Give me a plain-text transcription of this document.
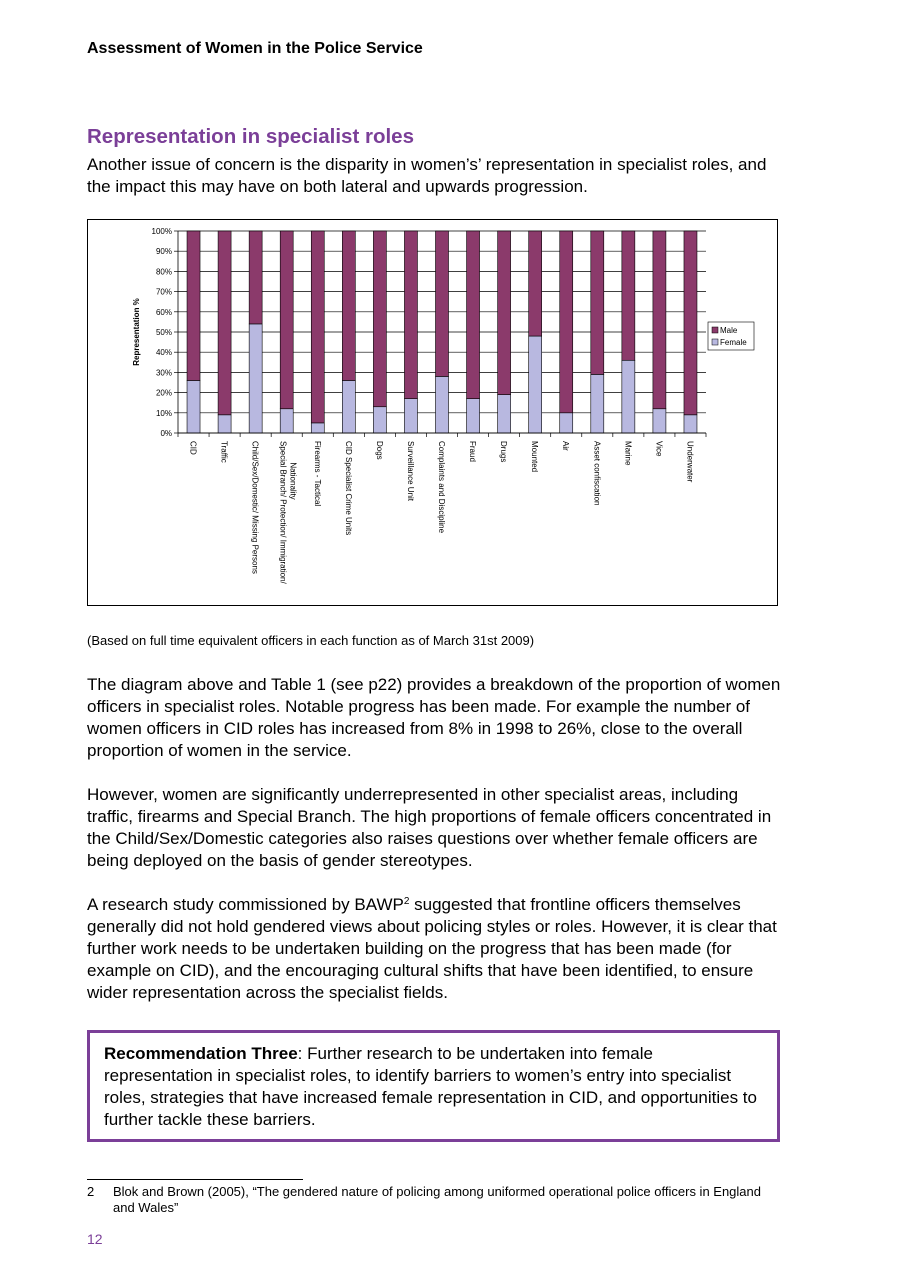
Assessment of Women in the Police Service
Representation in specialist roles
Another issue of concern is the disparity in women’s’ representation in specialist roles, and the impact this may have on both lateral and upwards progression.
0%
10%
20%
30%
40%
50%
60%
70%
80%
90%
100%
Representation %
CID	Traffic	Child/Sex/Domestic/ Missing Persons Special Branch/ Protection/ Immigration/ Nationality Firearms - Tactical	CID Specialist Crime Units	Dogs	Surveillance Unit	Complaints and Discipline	Fraud	Drugs	Mounted	Air	Asset confiscation	Marine	Vice	Underwater
Male
Female
(Based on full time equivalent officers in each function as of March 31st 2009)

The diagram above and Table 1 (see p22) provides a breakdown of the proportion of women officers in specialist roles. Notable progress has been made. For example the number of women officers in CID roles has increased from 8% in 1998 to 26%, close to the overall proportion of women in the service.

However, women are significantly underrepresented in other specialist areas, including traffic, firearms and Special Branch. The high proportions of female officers concentrated in the Child/Sex/Domestic categories also raises questions over whether female officers are being deployed on the basis of gender stereotypes.

A research study commissioned by BAWP$^2$ suggested that frontline officers themselves generally did not hold gendered views about policing styles or roles. However, it is clear that further work needs to be undertaken building on the progress that has been made (for example on CID), and the encouraging cultural shifts that have been identified, to ensure wider representation across the specialist fields.

Recommendation Three: Further research to be undertaken into female representation in specialist roles, to identify barriers to women’s entry into specialist roles, strategies that have increased female representation in CID, and opportunities to further tackle these barriers.
2 Blok and Brown (2005), “The gendered nature of policing among uniformed operational police officers in England and Wales”
12
